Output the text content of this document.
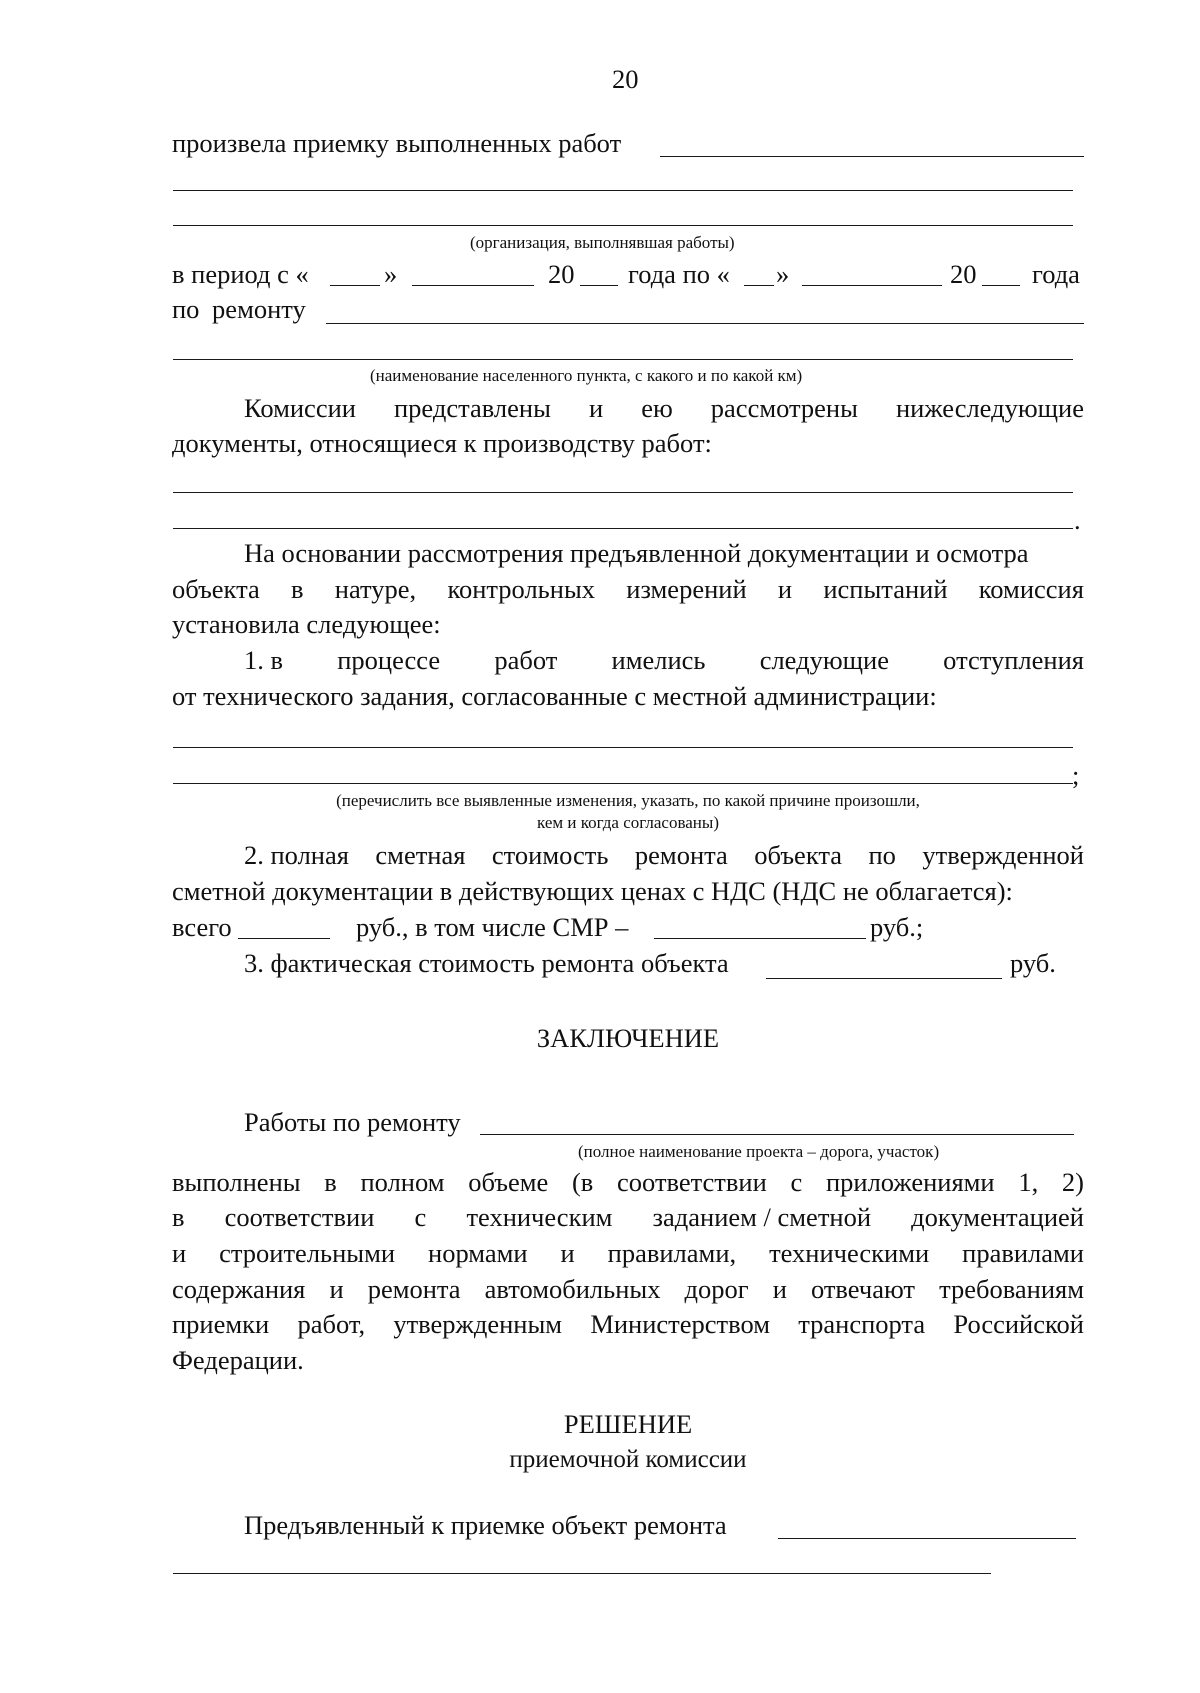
20
произвела приемку выполненных работ
(организация, выполнявшая работы)
в период с «	»	20 года по « »	20 года
по ремонту
(наименование населенного пункта, с какого и по какой км)
Комиссии представлены и ею рассмотрены нижеследующие
документы, относящиеся к производству работ:
.
На основании рассмотрения предъявленной документации и осмотра
объекта в натуре, контрольных измерений и испытаний комиссия
установила следующее:
1. в процессе работ имелись следующие отступления
от технического задания, согласованные с местной администрации:
;
(перечислить все выявленные изменения, указать, по какой причине произошли,
кем и когда согласованы)
2. полная сметная стоимость ремонта объекта по утвержденной
сметной документации в действующих ценах с НДС (НДС не облагается):
всего	руб., в том числе СМР –	руб.;
3. фактическая стоимость ремонта объекта	руб.
ЗАКЛЮЧЕНИЕ
Работы по ремонту
(полное наименование проекта – дорога, участок)
выполнены в полном объеме (в соответствии с приложениями 1, 2)
в соответствии с техническим заданием / сметной документацией
и строительными нормами и правилами, техническими правилами
содержания и ремонта автомобильных дорог и отвечают требованиям
приемки работ, утвержденным Министерством транспорта Российской
Федерации.
РЕШЕНИЕ
приемочной комиссии
Предъявленный к приемке объект ремонта
